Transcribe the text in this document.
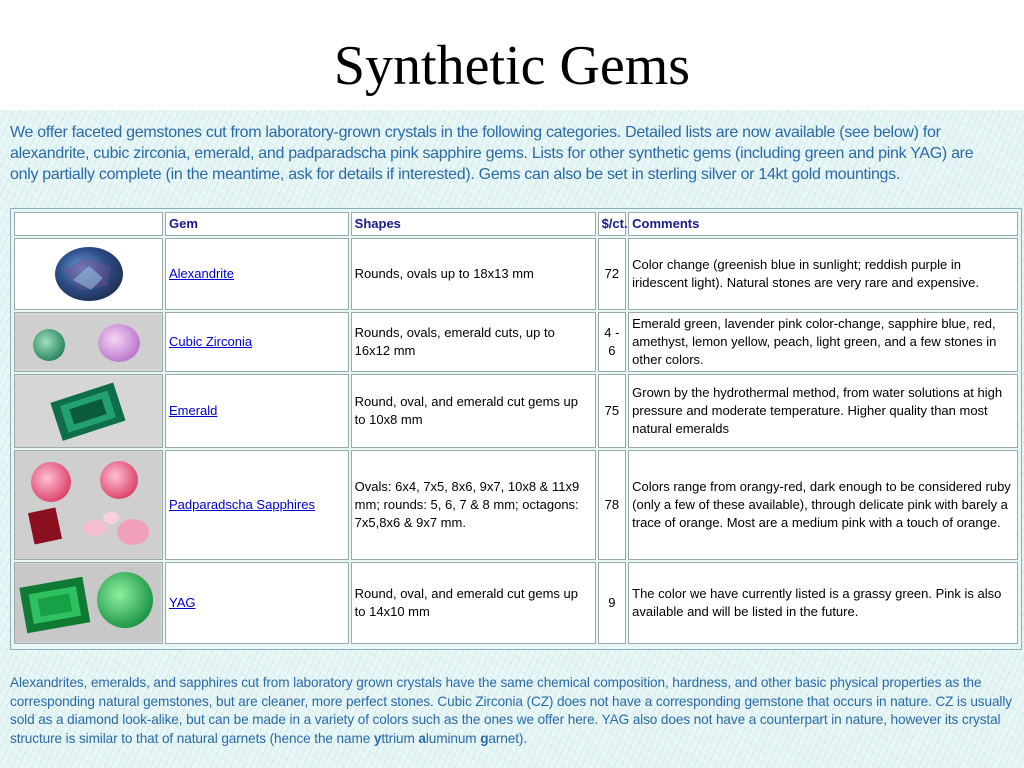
Synthetic Gems
We offer faceted gemstones cut from laboratory-grown crystals in the following categories. Detailed lists are now available (see below) for
alexandrite, cubic zirconia, emerald, and padparadscha pink sapphire gems. Lists for other synthetic gems (including green and pink YAG) are
only partially complete (in the meantime, ask for details if interested). Gems can also be set in sterling silver or 14kt gold mountings.
	Gem	Shapes	$/ct.	Comments

	Alexandrite	Rounds, ovals up to 18x13 mm	72	Color change (greenish blue in sunlight; reddish purple in iridescent light). Natural stones are very rare and expensive.

	Cubic Zirconia	Rounds, ovals, emerald cuts, up to 16x12 mm	4 - 6	Emerald green, lavender pink color-change, sapphire blue, red, amethyst, lemon yellow, peach, light green, and a few stones in other colors.

	Emerald	Round, oval, and emerald cut gems up to 10x8 mm	75	Grown by the hydrothermal method, from water solutions at high pressure and moderate temperature. Higher quality than most natural emeralds

	Padparadscha Sapphires	Ovals: 6x4, 7x5, 8x6, 9x7, 10x8 & 11x9 mm; rounds: 5, 6, 7 & 8 mm; octagons: 7x5,8x6 & 9x7 mm.	78	Colors range from orangy-red, dark enough to be considered ruby (only a few of these available), through delicate pink with barely a trace of orange. Most are a medium pink with a touch of orange.

	YAG	Round, oval, and emerald cut gems up to 14x10 mm	9	The color we have currently listed is a grassy green. Pink is also available and will be listed in the future.
Alexandrites, emeralds, and sapphires cut from laboratory grown crystals have the same chemical composition, hardness, and other basic physical properties as the
corresponding natural gemstones, but are cleaner, more perfect stones. Cubic Zirconia (CZ) does not have a corresponding gemstone that occurs in nature. CZ is usually
sold as a diamond look-alike, but can be made in a variety of colors such as the ones we offer here. YAG also does not have a counterpart in nature, however its crystal
structure is similar to that of natural garnets (hence the name yttrium aluminum garnet).
